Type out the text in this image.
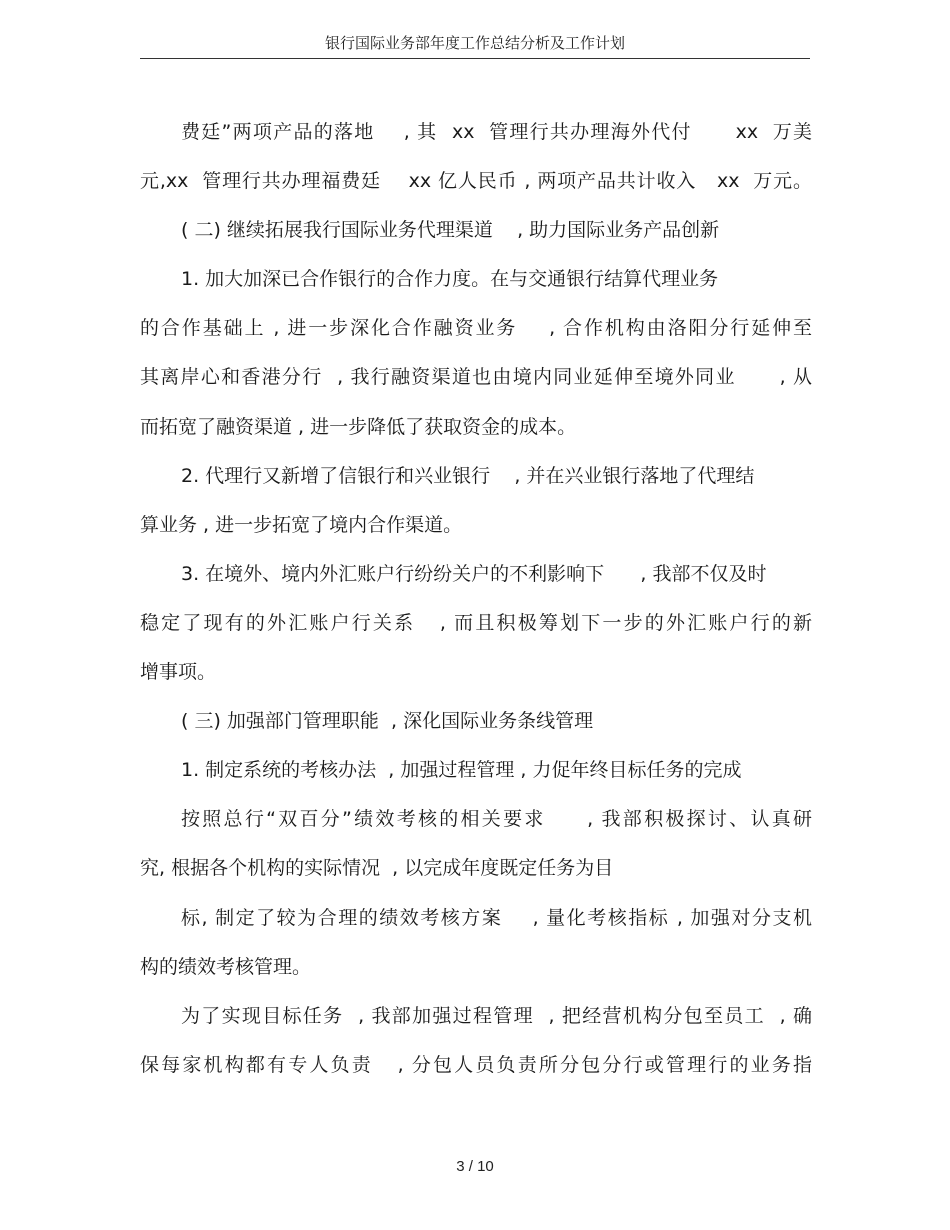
银行国际业务部年度工作总结分析及工作计划
费廷”两项产品的落地    , 其  xx  管理行共办理海外代付      xx  万美
元,xx  管理行共办理福费廷    xx 亿人民币 , 两项产品共计收入   xx  万元。
( 二) 继续拓展我行国际业务代理渠道    , 助力国际业务产品创新
1. 加大加深已合作银行的合作力度。在与交通银行结算代理业务
的合作基础上 , 进一步深化合作融资业务    , 合作机构由洛阳分行延伸至
其离岸心和香港分行  , 我行融资渠道也由境内同业延伸至境外同业      , 从
而拓宽了融资渠道 , 进一步降低了获取资金的成本。
2. 代理行又新增了信银行和兴业银行    , 并在兴业银行落地了代理结
算业务 , 进一步拓宽了境内合作渠道。
3. 在境外、境内外汇账户行纷纷关户的不利影响下      , 我部不仅及时
稳定了现有的外汇账户行关系   , 而且积极筹划下一步的外汇账户行的新
增事项。
( 三) 加强部门管理职能  , 深化国际业务条线管理
1. 制定系统的考核办法  , 加强过程管理 , 力促年终目标任务的完成
按照总行“双百分”绩效考核的相关要求     , 我部积极探讨、认真研
究, 根据各个机构的实际情况  , 以完成年度既定任务为目
标, 制定了较为合理的绩效考核方案    , 量化考核指标 , 加强对分支机
构的绩效考核管理。
为了实现目标任务  , 我部加强过程管理  , 把经营机构分包至员工  , 确
保每家机构都有专人负责   , 分包人员负责所分包分行或管理行的业务指
3 / 10
